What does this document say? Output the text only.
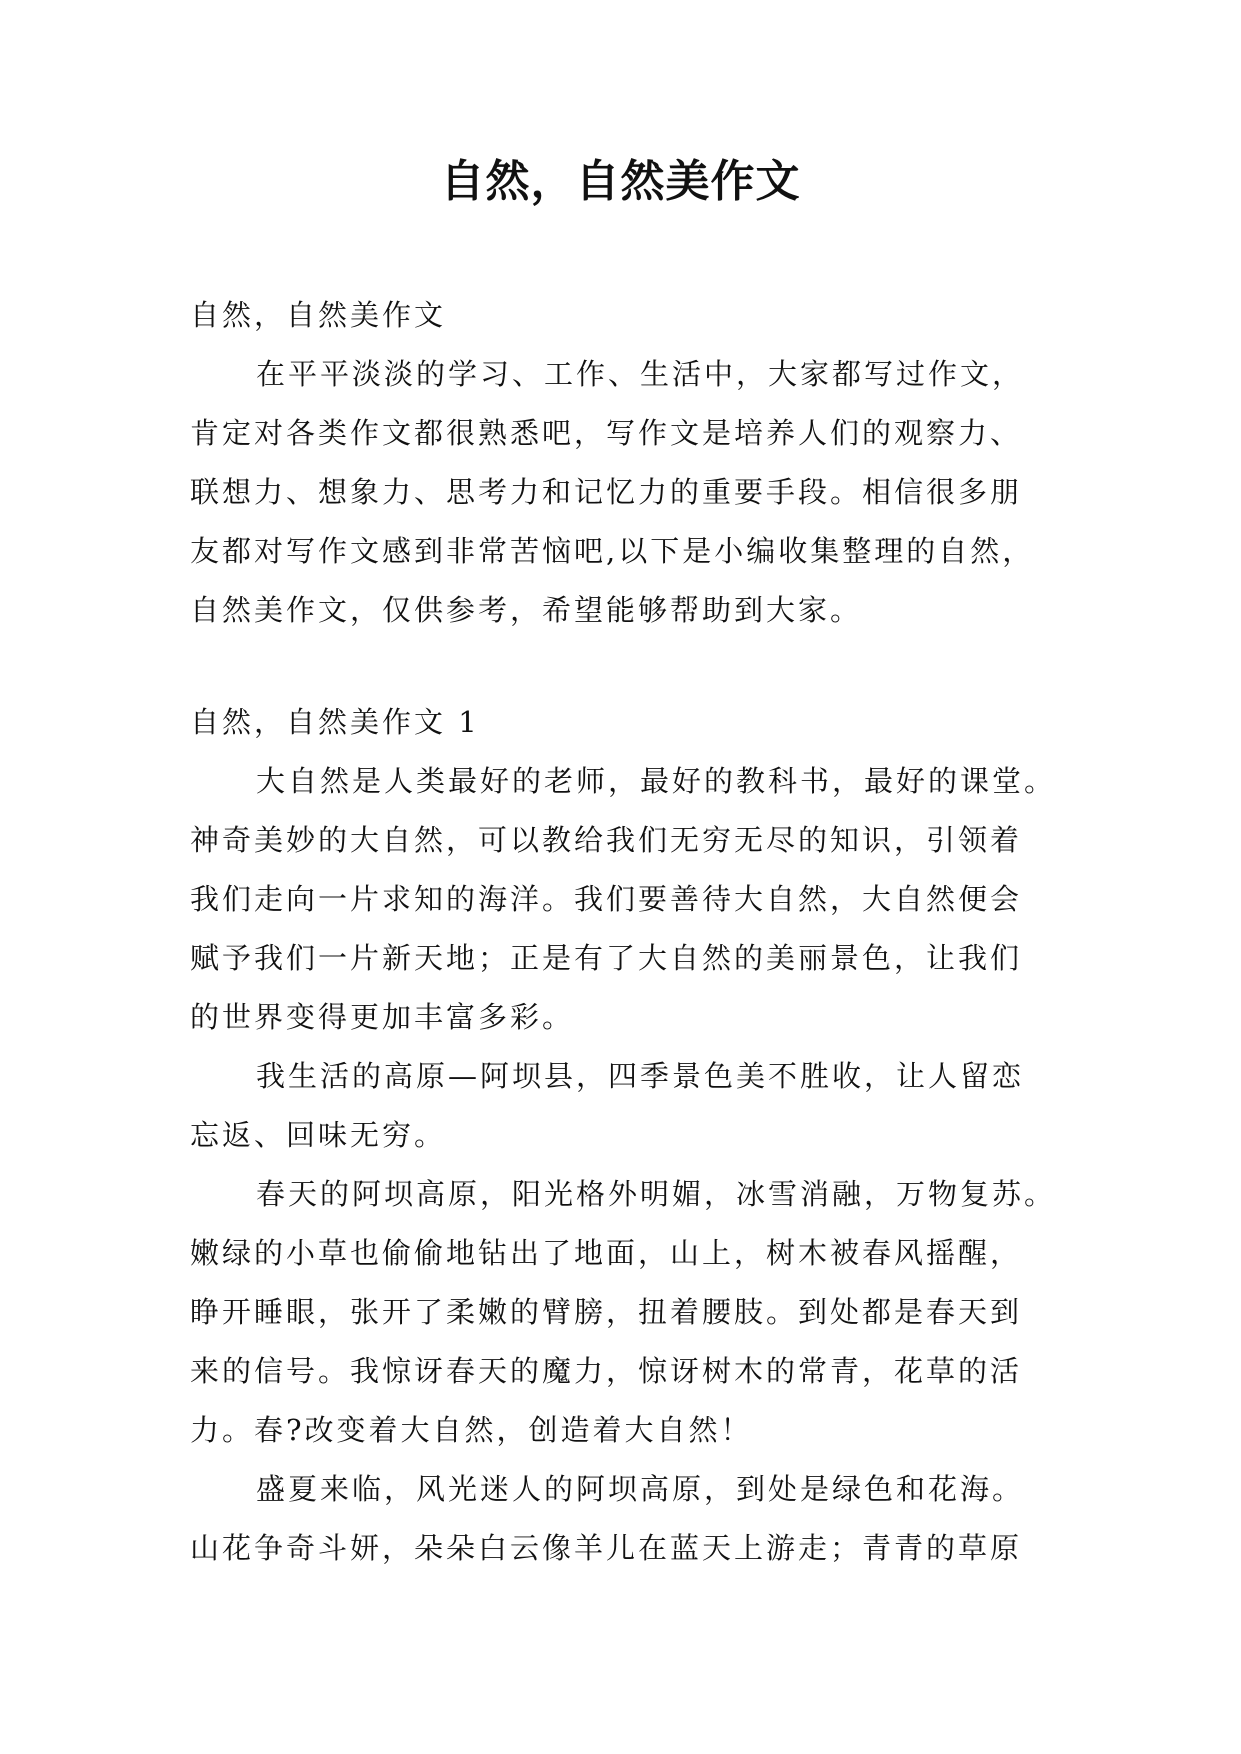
自然，自然美作文
自然，自然美作文

在平平淡淡的学习、工作、生活中，大家都写过作文，
肯定对各类作文都很熟悉吧，写作文是培养人们的观察力、
联想力、想象力、思考力和记忆力的重要手段。相信很多朋
友都对写作文感到非常苦恼吧,以下是小编收集整理的自然，
自然美作文，仅供参考，希望能够帮助到大家。

自然，自然美作文 1

大自然是人类最好的老师，最好的教科书，最好的课堂。
神奇美妙的大自然，可以教给我们无穷无尽的知识，引领着
我们走向一片求知的海洋。我们要善待大自然，大自然便会
赋予我们一片新天地；正是有了大自然的美丽景色，让我们
的世界变得更加丰富多彩。

我生活的高原—阿坝县，四季景色美不胜收，让人留恋
忘返、回味无穷。

春天的阿坝高原，阳光格外明媚，冰雪消融，万物复苏。
嫩绿的小草也偷偷地钻出了地面，山上，树木被春风摇醒，
睁开睡眼，张开了柔嫩的臂膀，扭着腰肢。到处都是春天到
来的信号。我惊讶春天的魔力，惊讶树木的常青，花草的活
力。春?改变着大自然，创造着大自然！

盛夏来临，风光迷人的阿坝高原，到处是绿色和花海。
山花争奇斗妍，朵朵白云像羊儿在蓝天上游走；青青的草原
